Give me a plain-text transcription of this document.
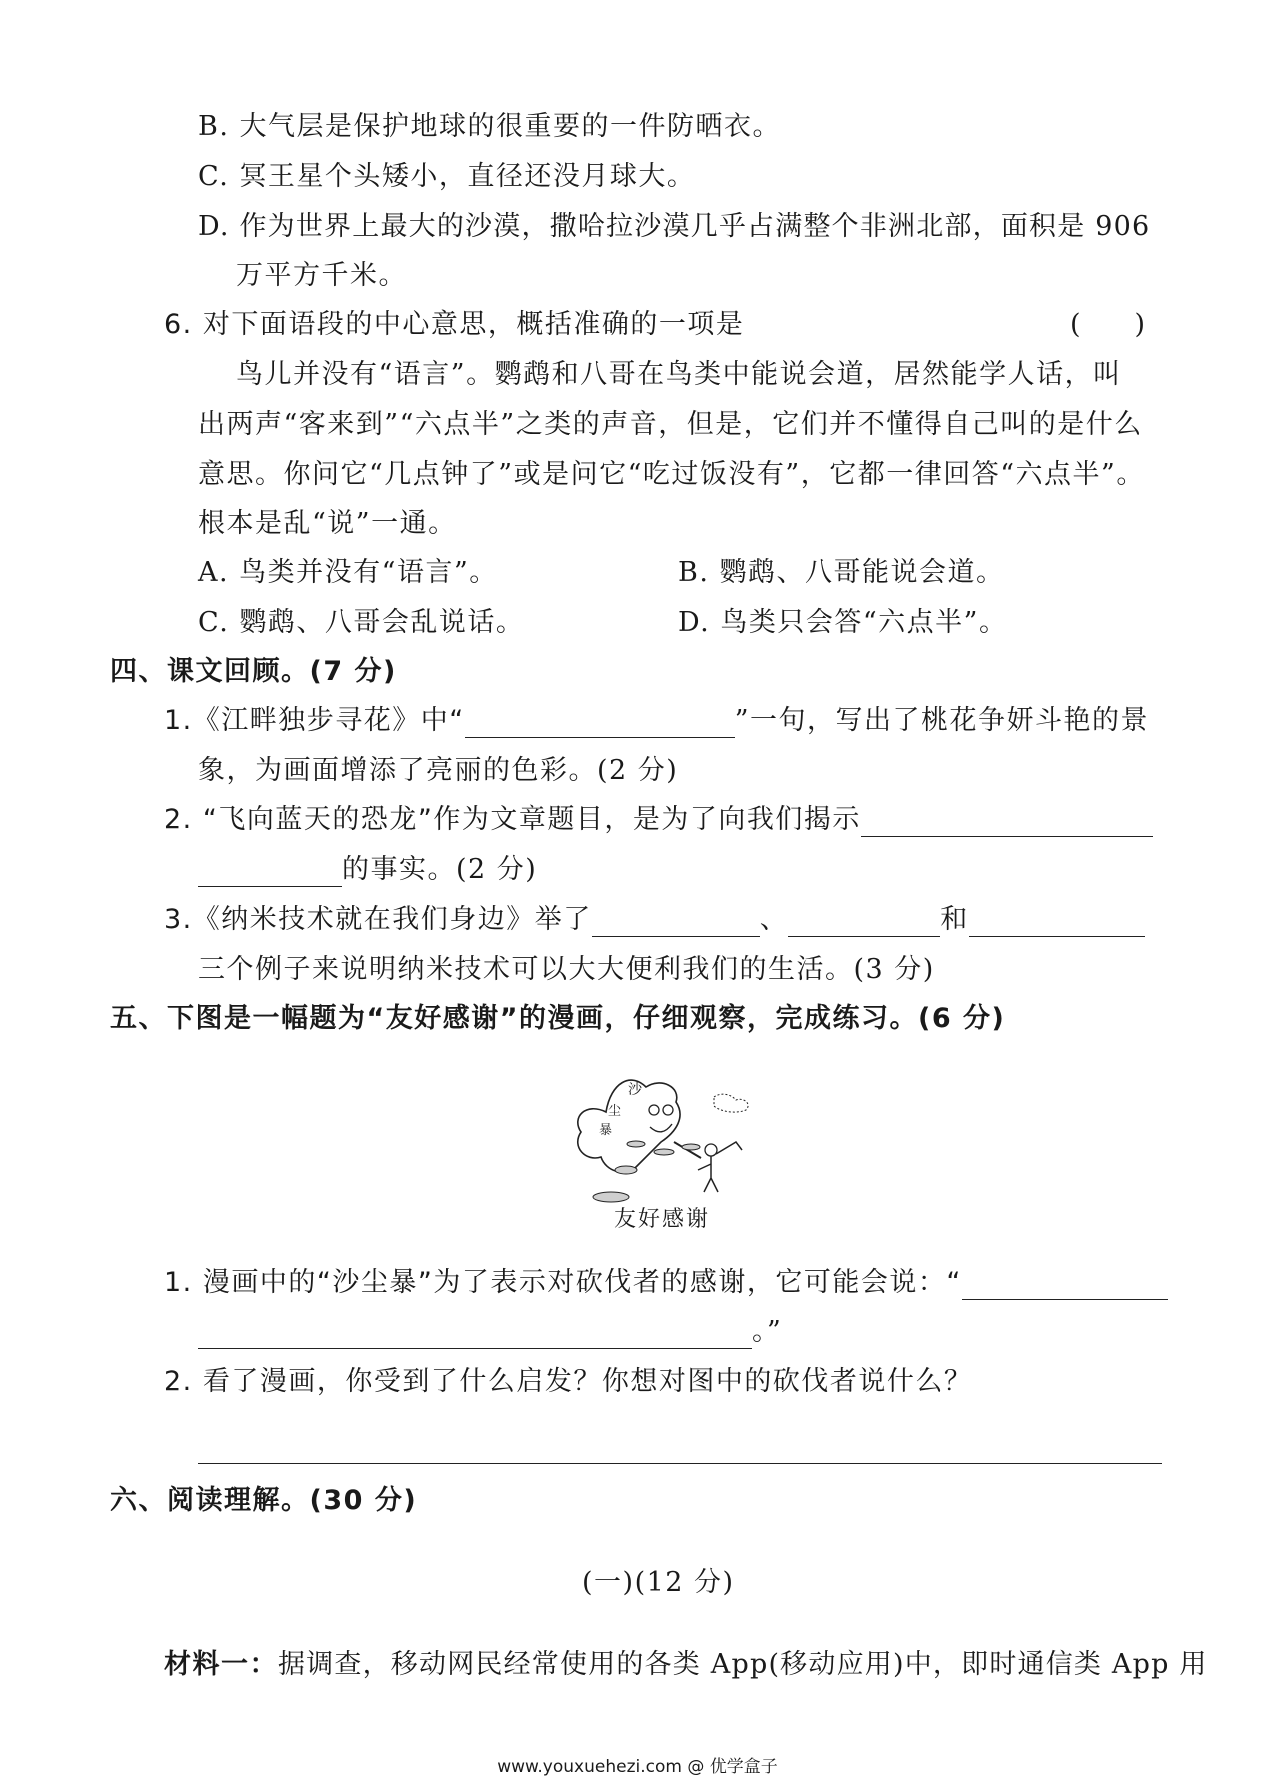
B. 大气层是保护地球的很重要的一件防晒衣。
C. 冥王星个头矮小，直径还没月球大。
D. 作为世界上最大的沙漠，撒哈拉沙漠几乎占满整个非洲北部，面积是 906
万平方千米。
6. 对下面语段的中心意思，概括准确的一项是	(　　)
鸟儿并没有“语言”。鹦鹉和八哥在鸟类中能说会道，居然能学人话，叫
出两声“客来到”“六点半”之类的声音，但是，它们并不懂得自己叫的是什么
意思。你问它“几点钟了”或是问它“吃过饭没有”，它都一律回答“六点半”。
根本是乱“说”一通。
A. 鸟类并没有“语言”。	B. 鹦鹉、八哥能说会道。
C. 鹦鹉、八哥会乱说话。	D. 鸟类只会答“六点半”。
四、课文回顾。(7 分)
1.《江畔独步寻花》中“	”一句，写出了桃花争妍斗艳的景
象，为画面增添了亮丽的色彩。(2 分)
2. “飞向蓝天的恐龙”作为文章题目，是为了向我们揭示
的事实。(2 分)
3.《纳米技术就在我们身边》举了	、	和
三个例子来说明纳米技术可以大大便利我们的生活。(3 分)
五、下图是一幅题为“友好感谢”的漫画，仔细观察，完成练习。(6 分)
沙
尘
暴
友好感谢
1. 漫画中的“沙尘暴”为了表示对砍伐者的感谢，它可能会说：“
。”
2. 看了漫画，你受到了什么启发？你想对图中的砍伐者说什么？
六、阅读理解。(30 分)
(一)(12 分)
材料一：据调查，移动网民经常使用的各类 App(移动应用)中，即时通信类 App 用
www.youxuehezi.com @ 优学盒子
